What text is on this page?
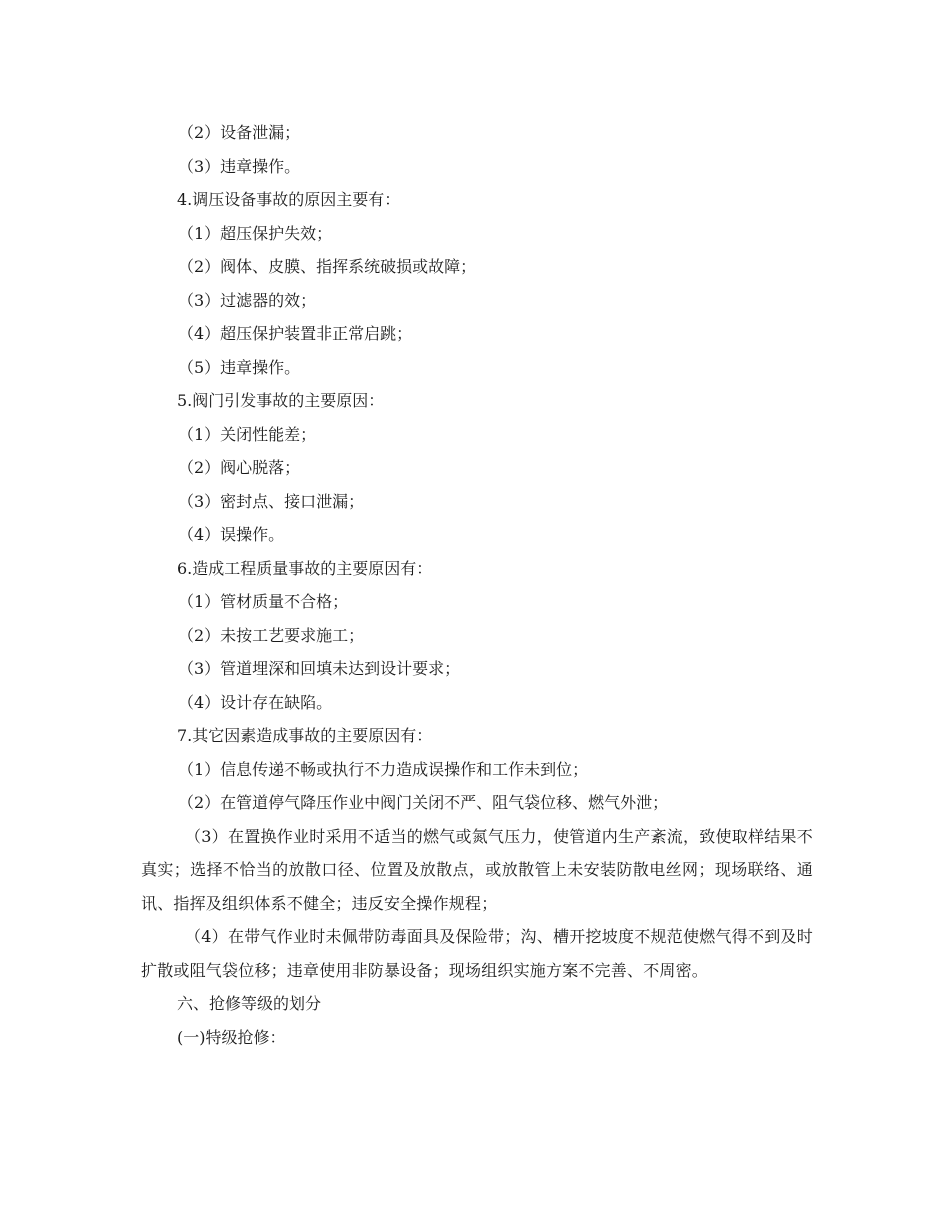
（2）设备泄漏；
（3）违章操作。
4.调压设备事故的原因主要有：
（1）超压保护失效；
（2）阀体、皮膜、指挥系统破损或故障；
（3）过滤器的效；
（4）超压保护装置非正常启跳；
（5）违章操作。
5.阀门引发事故的主要原因：
（1）关闭性能差；
（2）阀心脱落；
（3）密封点、接口泄漏；
（4）误操作。
6.造成工程质量事故的主要原因有：
（1）管材质量不合格；
（2）未按工艺要求施工；
（3）管道埋深和回填未达到设计要求；
（4）设计存在缺陷。
7.其它因素造成事故的主要原因有：
（1）信息传递不畅或执行不力造成误操作和工作未到位；
（2）在管道停气降压作业中阀门关闭不严、阻气袋位移、燃气外泄；
（3）在置换作业时采用不适当的燃气或氮气压力，使管道内生产紊流，致使取样结果不真实；选择不恰当的放散口径、位置及放散点，或放散管上未安装防散电丝网；现场联络、通讯、指挥及组织体系不健全；违反安全操作规程；
（4）在带气作业时未佩带防毒面具及保险带；沟、槽开挖坡度不规范使燃气得不到及时扩散或阻气袋位移；违章使用非防暴设备；现场组织实施方案不完善、不周密。
六、抢修等级的划分
(一)特级抢修：
